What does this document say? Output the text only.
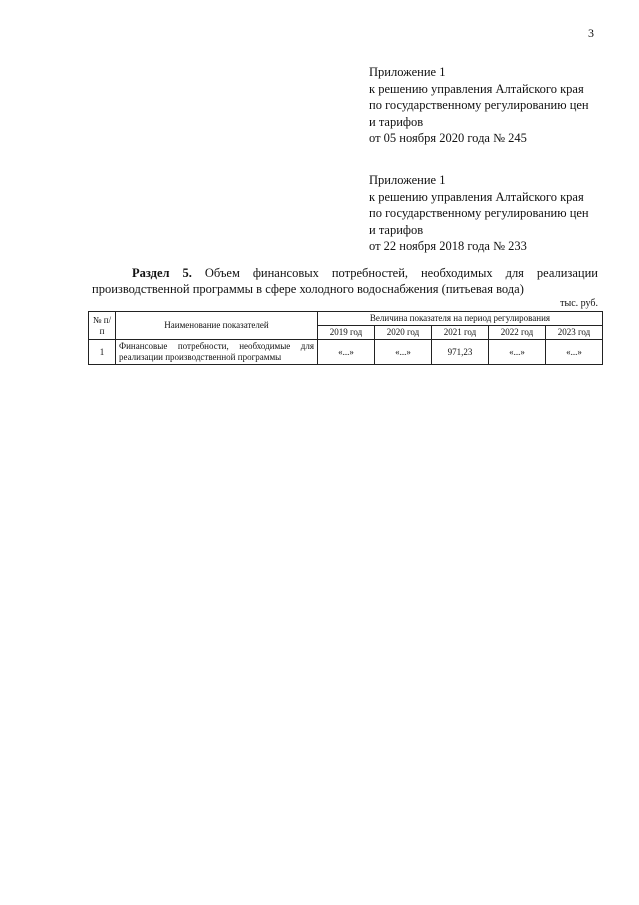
3
Приложение 1
к решению управления Алтайского края
по государственному регулированию цен
и тарифов
от 05 ноября 2020 года № 245
Приложение 1
к решению управления Алтайского края
по государственному регулированию цен
и тарифов
от 22 ноября 2018 года № 233
Раздел 5. Объем финансовых потребностей, необходимых для реализации
производственной программы в сфере холодного водоснабжения (питьевая вода)
тыс. руб.
№ п/п	Наименование показателей	Величина показателя на период регулирования				
		2019 год	2020 год	2021 год	2022 год	2023 год
1	Финансовые потребности, необходимые для реализации производственной программы	«...»	«...»	971,23	«...»	«...»
